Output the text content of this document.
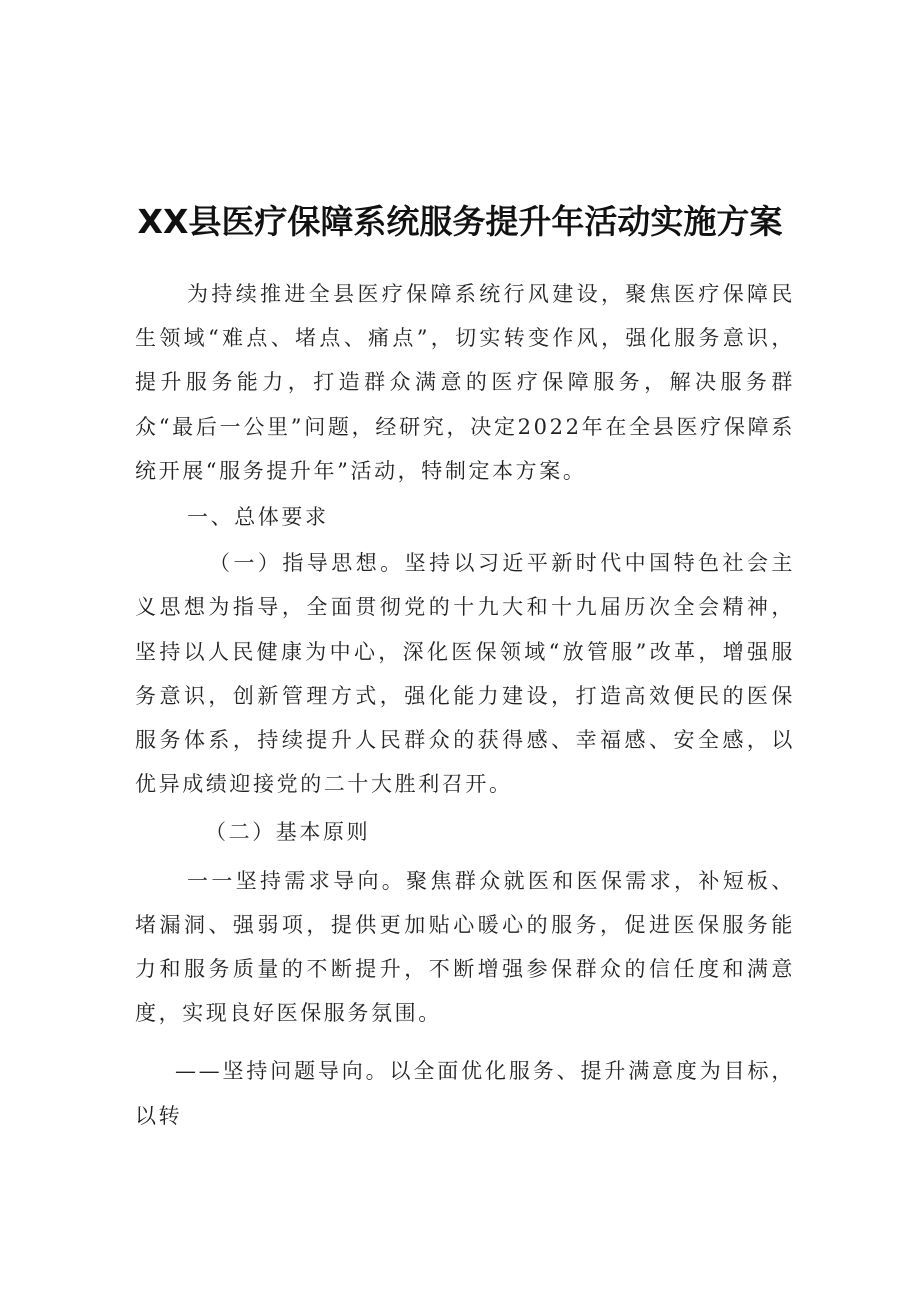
XX县医疗保障系统服务提升年活动实施方案

为持续推进全县医疗保障系统行风建设，聚焦医疗保障民生领域“难点、堵点、痛点”，切实转变作风，强化服务意识，提升服务能力，打造群众满意的医疗保障服务，解决服务群众“最后一公里”问题，经研究，决定2022年在全县医疗保障系统开展“服务提升年”活动，特制定本方案。

一、总体要求

（一）指导思想。坚持以习近平新时代中国特色社会主义思想为指导，全面贯彻党的十九大和十九届历次全会精神，坚持以人民健康为中心，深化医保领域“放管服”改革，增强服务意识，创新管理方式，强化能力建设，打造高效便民的医保服务体系，持续提升人民群众的获得感、幸福感、安全感，以优异成绩迎接党的二十大胜利召开。

（二）基本原则

一一坚持需求导向。聚焦群众就医和医保需求，补短板、堵漏洞、强弱项，提供更加贴心暖心的服务，促进医保服务能力和服务质量的不断提升，不断增强参保群众的信任度和满意度，实现良好医保服务氛围。

——坚持问题导向。以全面优化服务、提升满意度为目标，以转
